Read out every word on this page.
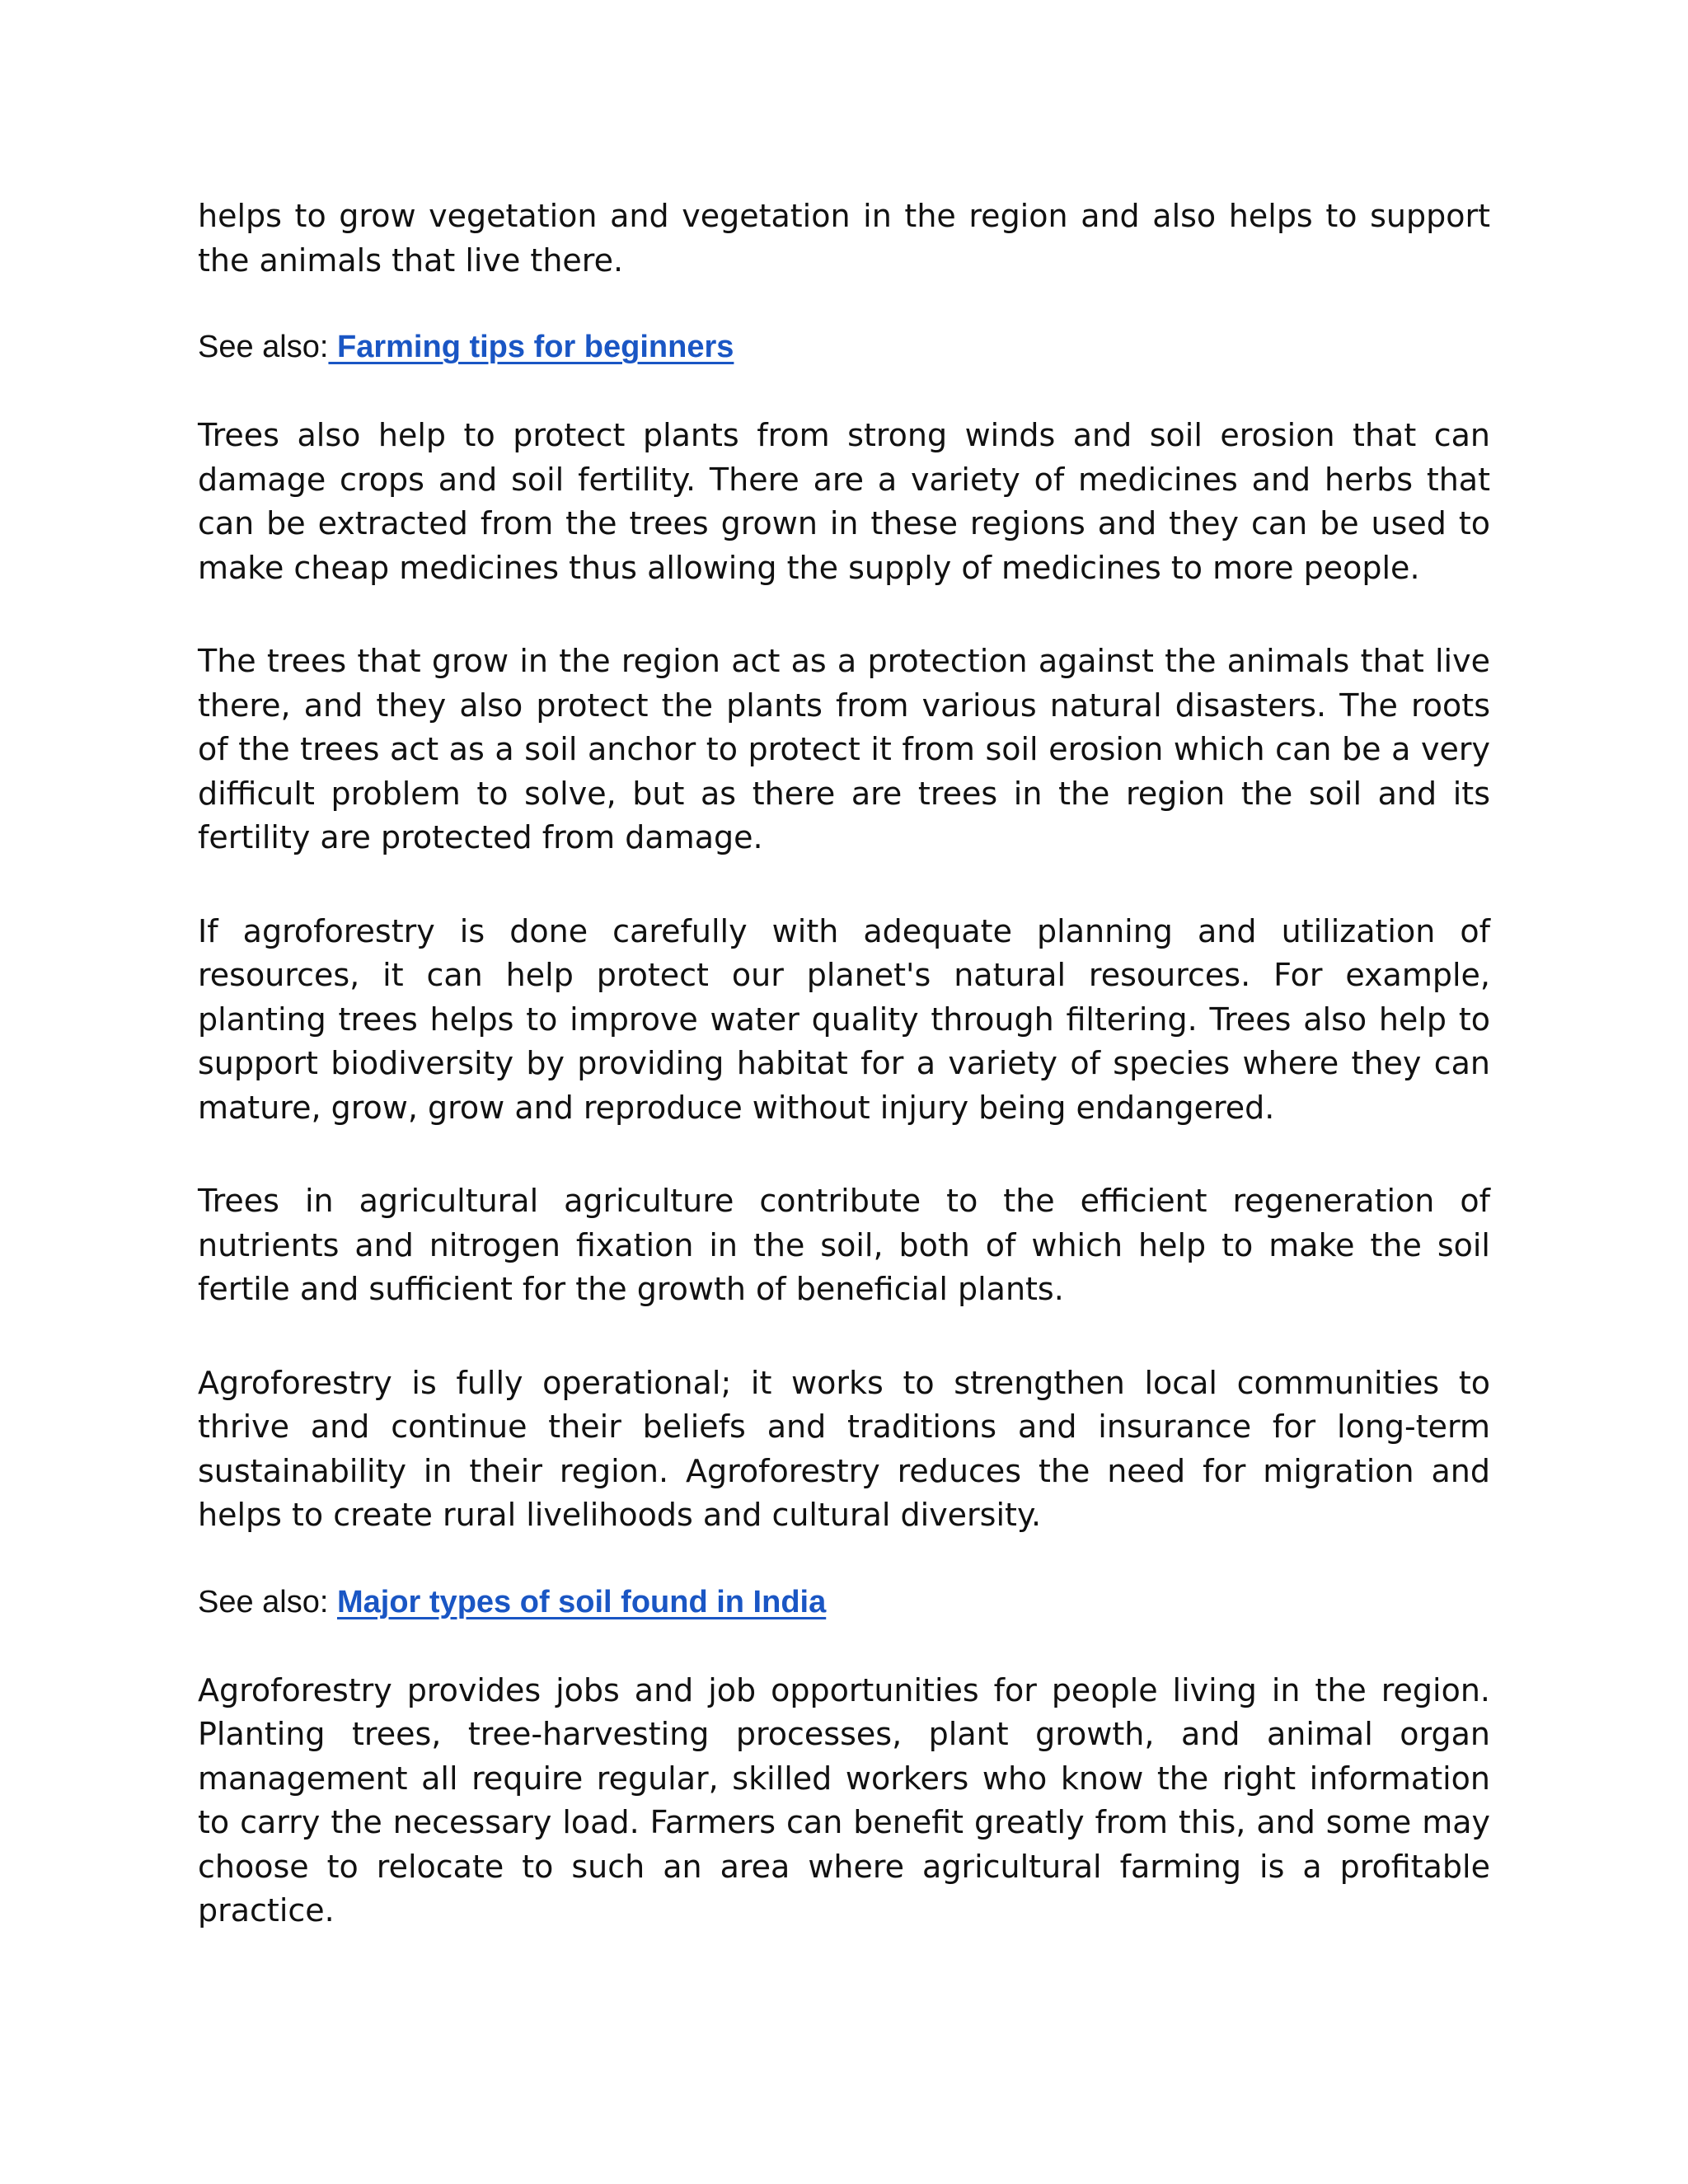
helps to grow vegetation and vegetation in the region and also helps to support the animals that live there.

See also: Farming tips for beginners

Trees also help to protect plants from strong winds and soil erosion that can damage crops and soil fertility. There are a variety of medicines and herbs that can be extracted from the trees grown in these regions and they can be used to make cheap medicines thus allowing the supply of medicines to more people.

The trees that grow in the region act as a protection against the animals that live there, and they also protect the plants from various natural disasters. The roots of the trees act as a soil anchor to protect it from soil erosion which can be a very difficult problem to solve, but as there are trees in the region the soil and its fertility are protected from damage.

If agroforestry is done carefully with adequate planning and utilization of resources, it can help protect our planet's natural resources. For example, planting trees helps to improve water quality through filtering. Trees also help to support biodiversity by providing habitat for a variety of species where they can mature, grow, grow and reproduce without injury being endangered.

Trees in agricultural agriculture contribute to the efficient regeneration of nutrients and nitrogen fixation in the soil, both of which help to make the soil fertile and sufficient for the growth of beneficial plants.

Agroforestry is fully operational; it works to strengthen local communities to thrive and continue their beliefs and traditions and insurance for long-term sustainability in their region. Agroforestry reduces the need for migration and helps to create rural livelihoods and cultural diversity.

See also: Major types of soil found in India

Agroforestry provides jobs and job opportunities for people living in the region. Planting trees, tree-harvesting processes, plant growth, and animal organ management all require regular, skilled workers who know the right information to carry the necessary load. Farmers can benefit greatly from this, and some may choose to relocate to such an area where agricultural farming is a profitable practice.
